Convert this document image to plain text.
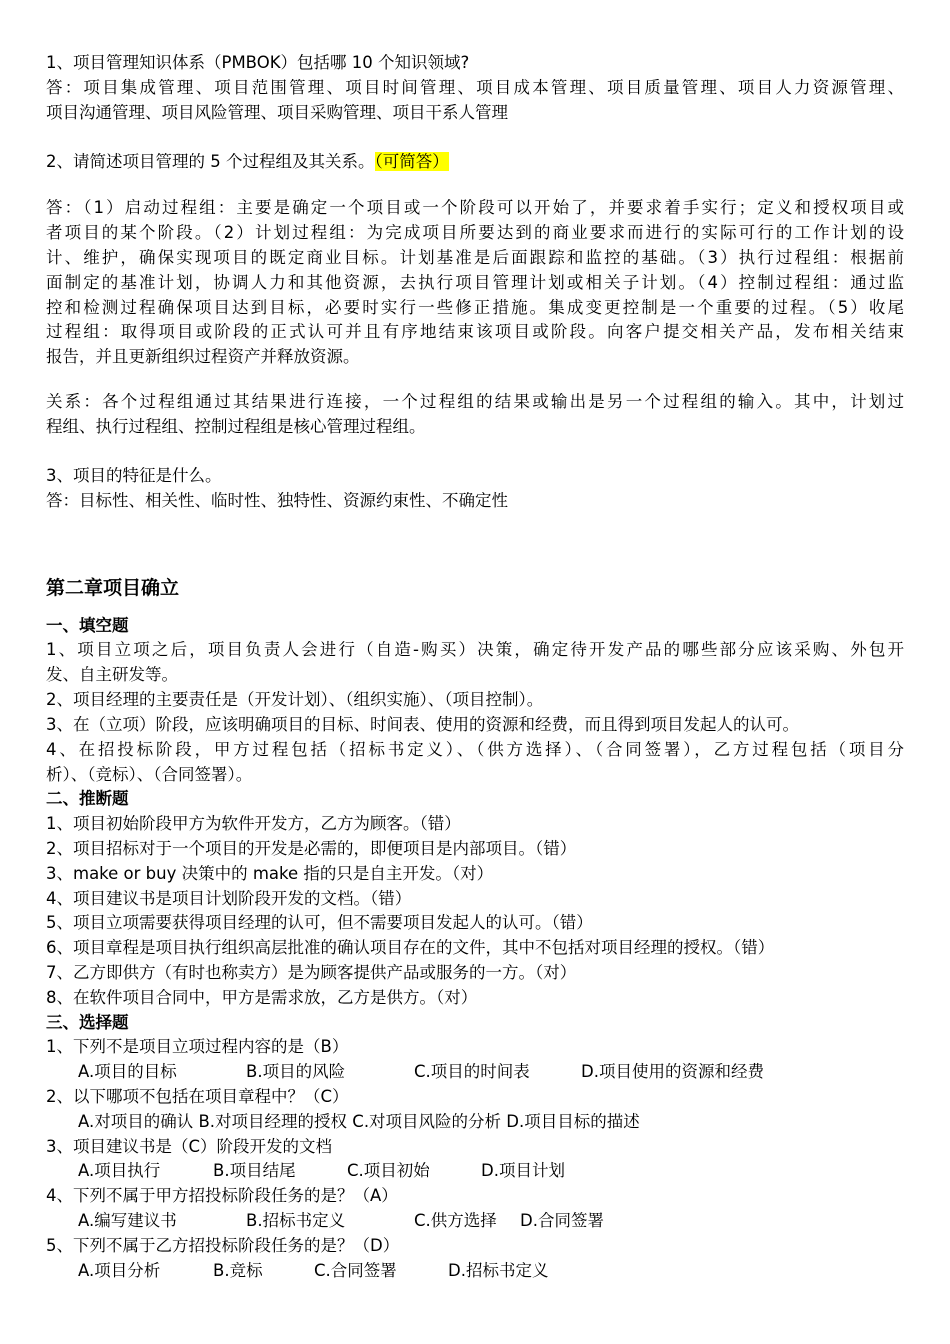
1、项目管理知识体系（PMBOK）包括哪 10 个知识领域?
答：项目集成管理、项目范围管理、项目时间管理、项目成本管理、项目质量管理、项目人力资源管理、
项目沟通管理、项目风险管理、项目采购管理、项目干系人管理
2、请简述项目管理的 5 个过程组及其关系。（可简答）
答：（1）启动过程组：主要是确定一个项目或一个阶段可以开始了，并要求着手实行；定义和授权项目或
者项目的某个阶段。（2）计划过程组：为完成项目所要达到的商业要求而进行的实际可行的工作计划的设
计、维护，确保实现项目的既定商业目标。计划基准是后面跟踪和监控的基础。（3）执行过程组：根据前
面制定的基准计划，协调人力和其他资源，去执行项目管理计划或相关子计划。（4）控制过程组：通过监
控和检测过程确保项目达到目标，必要时实行一些修正措施。集成变更控制是一个重要的过程。（5）收尾
过程组：取得项目或阶段的正式认可并且有序地结束该项目或阶段。向客户提交相关产品，发布相关结束
报告，并且更新组织过程资产并释放资源。
关系：各个过程组通过其结果进行连接，一个过程组的结果或输出是另一个过程组的输入。其中，计划过
程组、执行过程组、控制过程组是核心管理过程组。
3、项目的特征是什么。
答：目标性、相关性、临时性、独特性、资源约束性、不确定性
第二章项目确立
一、填空题
1、项目立项之后，项目负责人会进行（自造-购买）决策，确定待开发产品的哪些部分应该采购、外包开
发、自主研发等。
2、项目经理的主要责任是（开发计划）、（组织实施）、（项目控制）。
3、在（立项）阶段，应该明确项目的目标、时间表、使用的资源和经费，而且得到项目发起人的认可。
4、在招投标阶段，甲方过程包括（招标书定义）、（供方选择）、（合同签署），乙方过程包括（项目分
析）、（竞标）、（合同签署）。
二、推断题
1、项目初始阶段甲方为软件开发方，乙方为顾客。（错）
2、项目招标对于一个项目的开发是必需的，即便项目是内部项目。（错）
3、make or buy 决策中的 make 指的只是自主开发。（对）
4、项目建议书是项目计划阶段开发的文档。（错）
5、项目立项需要获得项目经理的认可，但不需要项目发起人的认可。（错）
6、项目章程是项目执行组织高层批准的确认项目存在的文件，其中不包括对项目经理的授权。（错）
7、乙方即供方（有时也称卖方）是为顾客提供产品或服务的一方。（对）
8、在软件项目合同中，甲方是需求放，乙方是供方。（对）
三、选择题
1、下列不是项目立项过程内容的是（B）
A.项目的目标	B.项目的风险	C.项目的时间表	D.项目使用的资源和经费
2、以下哪项不包括在项目章程中？（C）
A.对项目的确认 B.对项目经理的授权 C.对项目风险的分析 D.项目目标的描述
3、项目建议书是（C）阶段开发的文档
A.项目执行	B.项目结尾	C.项目初始	D.项目计划
4、下列不属于甲方招投标阶段任务的是？（A）
A.编写建议书	B.招标书定义	C.供方选择 D.合同签署
5、下列不属于乙方招投标阶段任务的是？（D）
A.项目分析	B.竞标	C.合同签署	D.招标书定义
